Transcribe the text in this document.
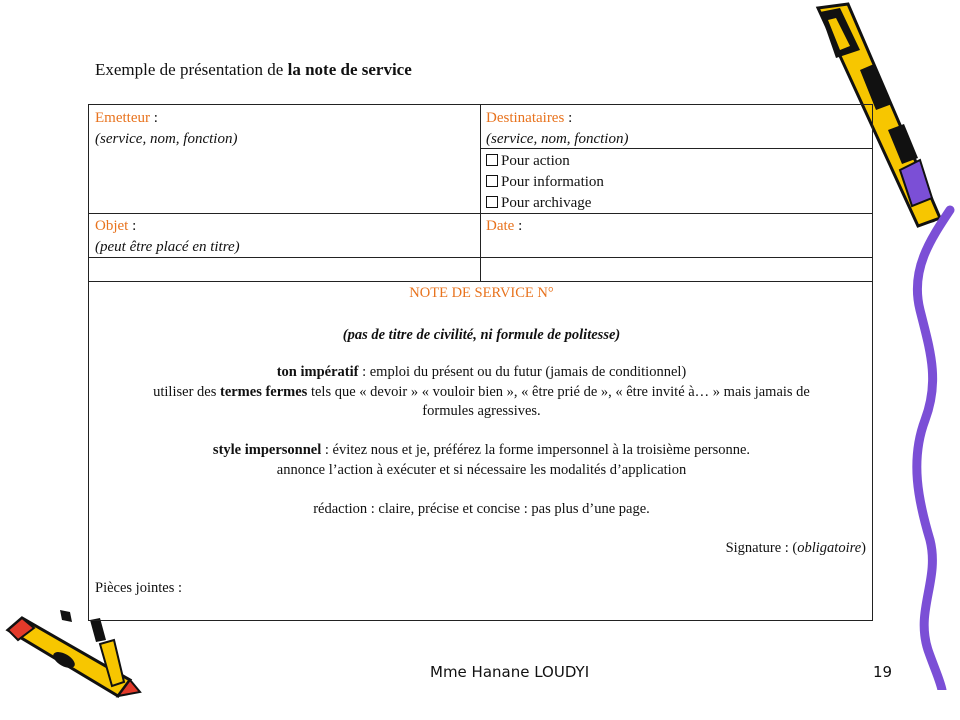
Exemple de présentation de la note de service
Emetteur :
(service, nom, fonction)
Destinataires :
(service, nom, fonction)
Pour action
Pour information
Pour archivage
Objet :
(peut être placé en titre)
Date :
NOTE DE SERVICE N°
(pas de titre de civilité, ni formule de politesse)
ton impératif : emploi du présent ou du futur (jamais de conditionnel)
utiliser des termes fermes tels que « devoir » « vouloir bien », « être prié de », « être invité à… » mais jamais de
formules agressives.
style impersonnel : évitez nous et je, préférez la forme impersonnel à la troisième personne.
annonce l’action à exécuter et si nécessaire les modalités d’application
rédaction : claire, précise et concise : pas plus d’une page.
Signature : (obligatoire)
Pièces jointes :
Mme Hanane LOUDYI	19
